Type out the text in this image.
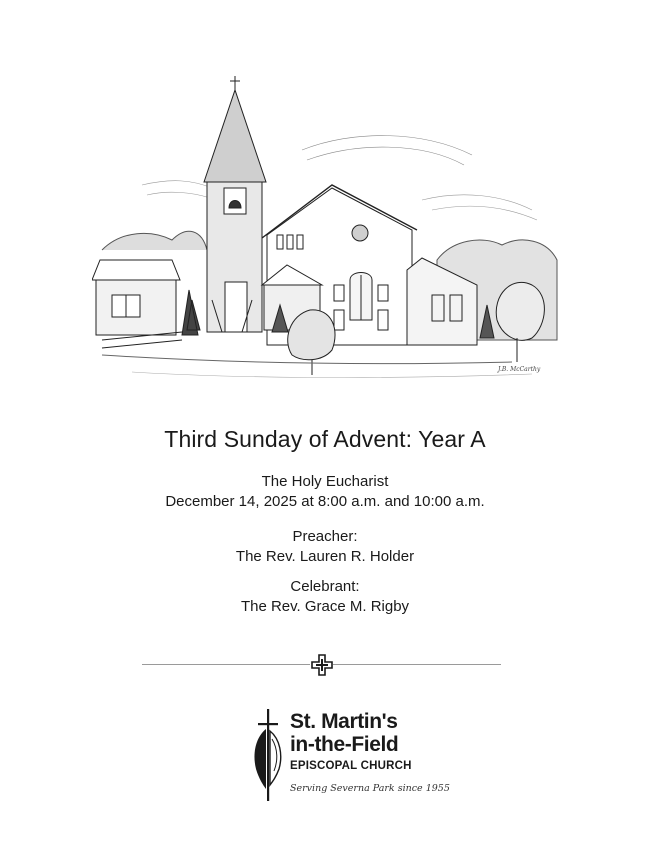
J.B. McCarthy
Third Sunday of Advent: Year A
The Holy Eucharist
December 14, 2025 at 8:00 a.m. and 10:00 a.m.
Preacher:
The Rev. Lauren R. Holder
Celebrant:
The Rev. Grace M. Rigby
St. Martin's
in-the-Field
EPISCOPAL CHURCH
Serving Severna Park since 1955
